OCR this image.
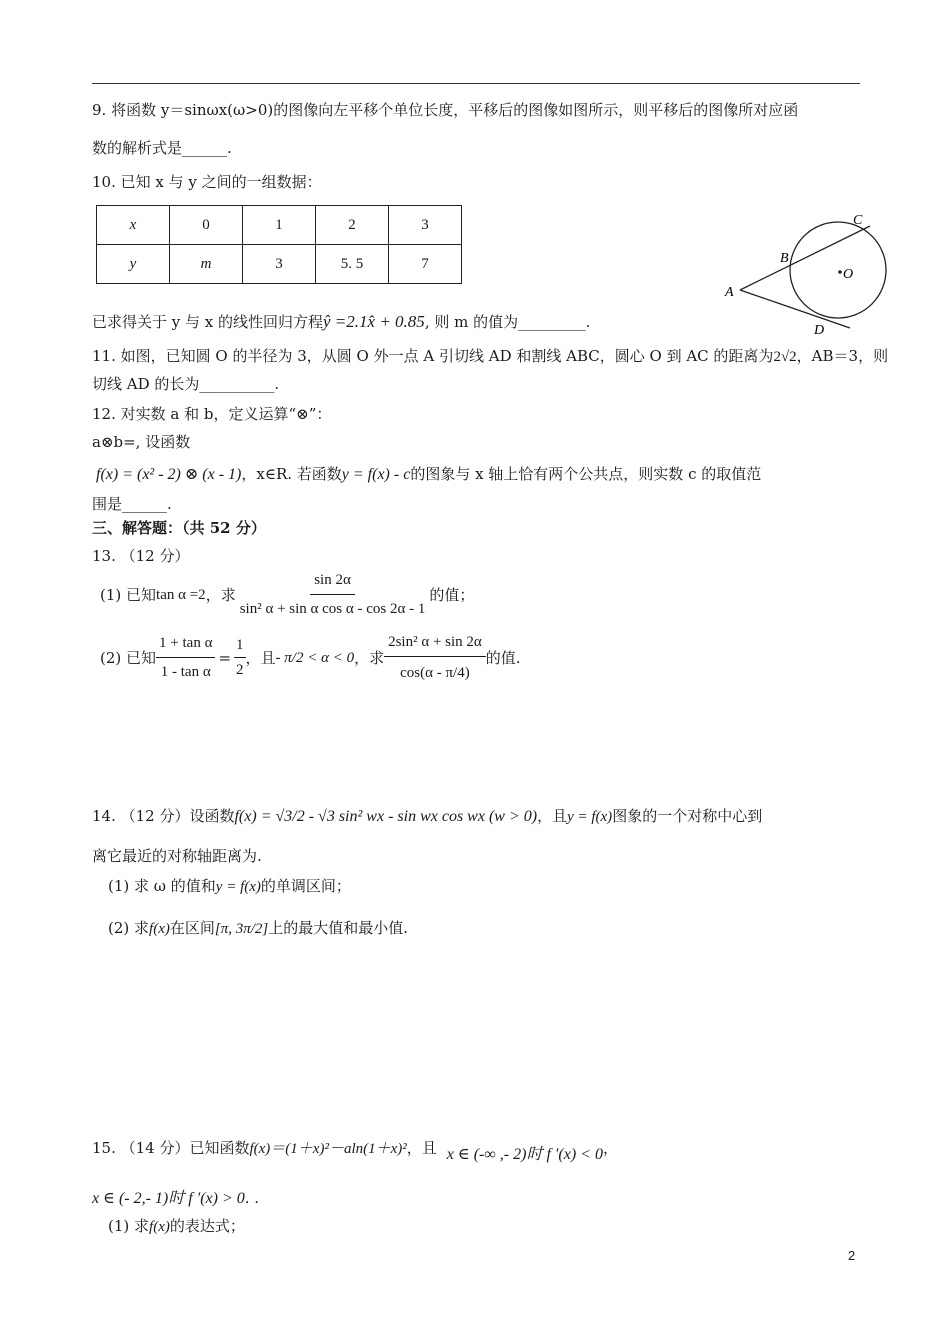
9. 将函数 y＝sinωx(ω>0)的图像向左平移个单位长度，平移后的图像如图所示，则平移后的图像所对应函
数的解析式是______.
10. 已知 x 与 y 之间的一组数据：
x	0	1	2	3
y	m	3	5. 5	7
A
B
C
D
O
已求得关于 y 与 x 的线性回归方程ŷ =2.1x̂ + 0.85, 则 m 的值为_________.
11. 如图，已知圆 O 的半径为 3，从圆 O 外一点 A 引切线 AD 和割线 ABC，圆心 O 到 AC 的距离为2√2，AB＝3，则
切线 AD 的长为__________.
12. 对实数 a 和 b，定义运算“⊗”：
a⊗b=, 设函数
f(x) = (x² - 2) ⊗ (x - 1)，x∈R. 若函数y = f(x) - c的图象与 x 轴上恰有两个公共点，则实数 c 的取值范
围是______.
三、解答题：（共 52 分）
13. （12 分）
(1) 已知 tan α =2 ，求 $\frac{\sin 2\alpha}{\text{sin² α + sin α cos α - cos 2α - 1}}$ 的值；
(2) 已知 $\frac{\text{1 + tan α}}{\text{1 - tan α}} = \frac{1}{2}$ ，且 - π/2 < α < 0 ，求 $\frac{\text{2sin² α + sin 2α}}{\cos(\alpha - \pi/4)}$ 的值.
14. （12 分）设函数f(x) = √3/2 - √3 sin² wx - sin wx cos wx (w > 0)，且y = f(x)图象的一个对称中心到
离它最近的对称轴距离为.
(1) 求 ω 的值和y = f(x)的单调区间；
(2) 求f(x)在区间[π, 3π/2]上的最大值和最小值.
15. （14 分）已知函数f(x)＝(1＋x)²－aln(1＋x)²，且 x ∈ (-∞ ,- 2)时 f ′(x) < 0，
x ∈ (- 2,- 1)时 f ′(x) > 0. .
(1) 求f(x)的表达式；
2
